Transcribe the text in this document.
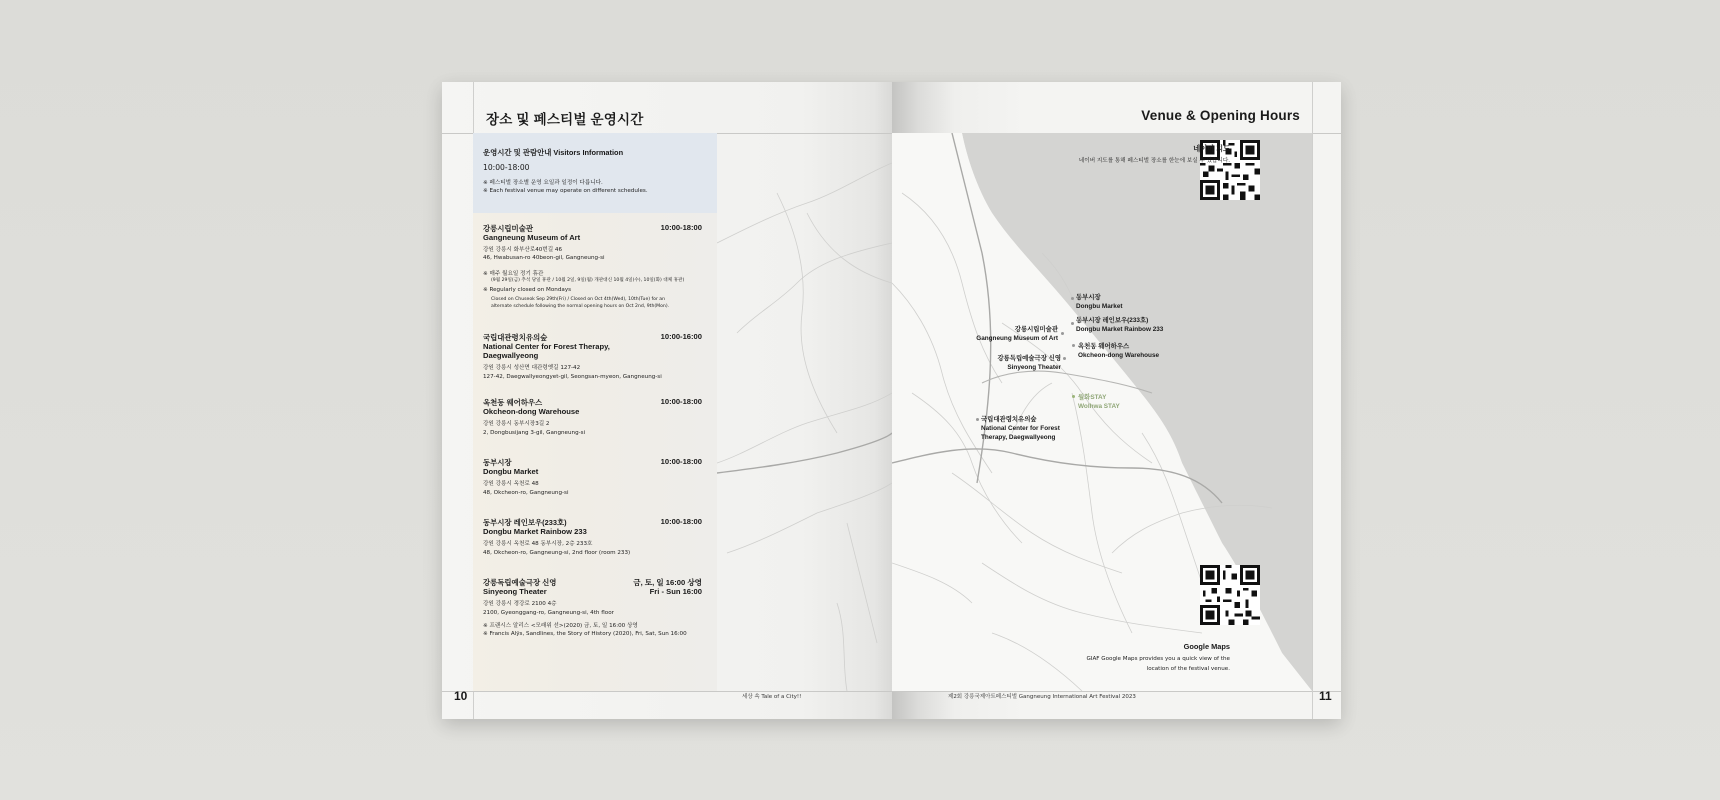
장소 및 페스티벌 운영시간
운영시간 및 관람안내 Visitors Information
10:00-18:00
※ 페스티벌 장소별 운영 요일과 일정이 다릅니다.
※ Each festival venue may operate on different schedules.
강릉시립미술관
Gangneung Museum of Art
10:00-18:00
강원 강릉시 화부산로40번길 46
46, Hwabusan-ro 40beon-gil, Gangneung-si
※ 매주 월요일 정기 휴관
(9월 29일(금) 추석 당일 휴관 / 10월 2일, 9일(월) 개관대신 10월 4일(수), 10일(화) 대체 휴관)
※ Regularly closed on Mondays
Closed on Chuseok Sep 29th(Fri) / Closed on Oct 4th(Wed), 10th(Tue) for an
alternate schedule following the normal opening hours on Oct 2nd, 9th(Mon).
국립대관령치유의숲
National Center for Forest Therapy,
Daegwallyeong
10:00-16:00
강원 강릉시 성산면 대관령옛길 127-42
127-42, Daegwallyeongyet-gil, Seongsan-myeon, Gangneung-si
옥천동 웨어하우스
Okcheon-dong Warehouse
10:00-18:00
강원 강릉시 동부시장3길 2
2, Dongbusijang 3-gil, Gangneung-si
동부시장
Dongbu Market
10:00-18:00
강원 강릉시 옥천로 48
48, Okcheon-ro, Gangneung-si
동부시장 레인보우(233호)
Dongbu Market Rainbow 233
10:00-18:00
강원 강릉시 옥천로 48 동부시장, 2층 233호
48, Okcheon-ro, Gangneung-si, 2nd floor (room 233)
강릉독립예술극장 신영
Sinyeong Theater
금, 토, 일 16:00 상영
Fri - Sun 16:00
강원 강릉시 경강로 2100 4층
2100, Gyeonggang-ro, Gangneung-si, 4th floor
※ 프랜시스 알리스 <모래위 선>(2020) 금, 토, 일 16:00 상영
※ Francis Alÿs, Sandlines, the Story of History (2020), Fri, Sat, Sun 16:00
10	세상 속 Tale of a City!!
Venue & Opening Hours
네이버 지도
네이버 지도를 통해 페스티벌 장소를 한눈에 보실 수 있습니다.
Google Maps
GIAF Google Maps provides you a quick view of the
location of the festival venue.
동부시장
Dongbu Market
동부시장 레인보우(233호)
Dongbu Market Rainbow 233
강릉시립미술관
Gangneung Museum of Art
옥천동 웨어하우스
Okcheon-dong Warehouse
강릉독립예술극장 신영
Sinyeong Theater
월화STAY
Wolhwa STAY
국립대관령치유의숲
National Center for Forest
Therapy, Daegwallyeong
제2회 강릉국제아트페스티벌 Gangneung International Art Festival 2023	11
